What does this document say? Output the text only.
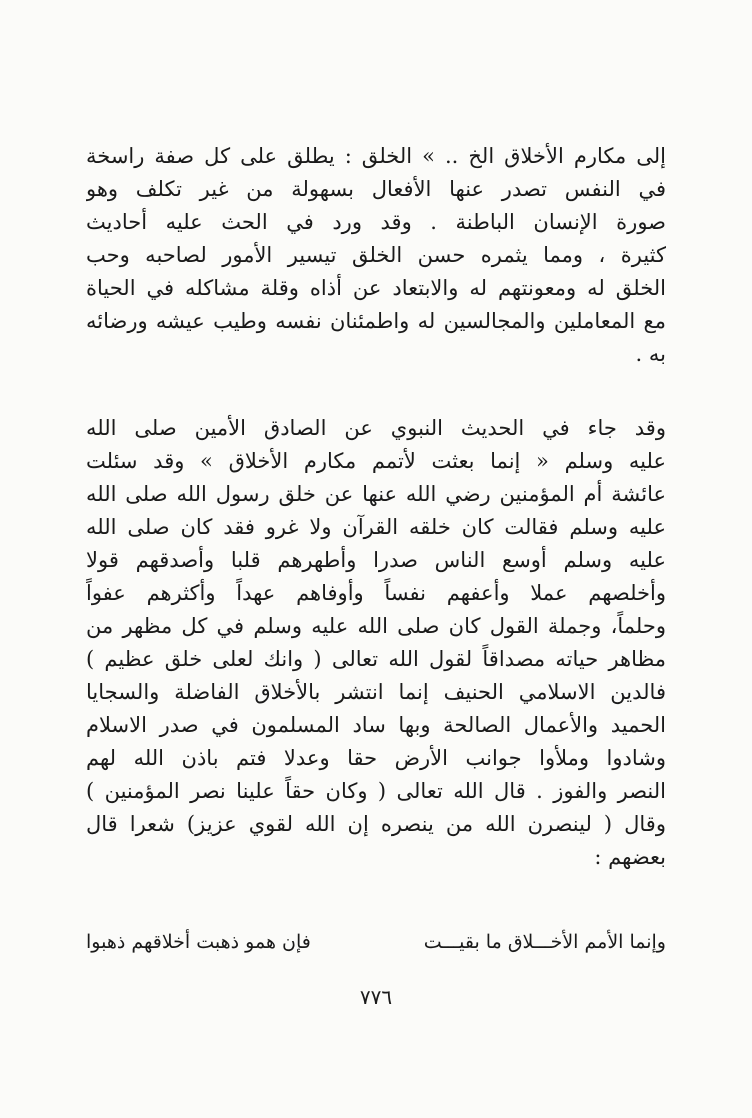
إلى مكارم الأخلاق الخ .. » الخلق : يطلق على كل صفة راسخة
في النفس تصدر عنها الأفعال بسهولة من غير تكلف وهو
صورة الإنسان الباطنة . وقد ورد في الحث عليه أحاديث
كثيرة ، ومما يثمره حسن الخلق تيسير الأمور لصاحبه وحب
الخلق له ومعونتهم له والابتعاد عن أذاه وقلة مشاكله في الحياة
مع المعاملين والمجالسين له واطمئنان نفسه وطيب عيشه ورضائه
به .
وقد جاء في الحديث النبوي عن الصادق الأمين صلى الله
عليه وسلم « إنما بعثت لأتمم مكارم الأخلاق » وقد سئلت
عائشة أم المؤمنين رضي الله عنها عن خلق رسول الله صلى الله
عليه وسلم فقالت كان خلقه القرآن ولا غرو فقد كان صلى الله
عليه وسلم أوسع الناس صدرا وأطهرهم قلبا وأصدقهم قولا
وأخلصهم عملا وأعفهم نفساً وأوفاهم عهداً وأكثرهم عفواً
وحلماً، وجملة القول كان صلى الله عليه وسلم في كل مظهر من
مظاهر حياته مصداقاً لقول الله تعالى ( وانك لعلى خلق عظيم )
فالدين الاسلامي الحنيف إنما انتشر بالأخلاق الفاضلة والسجايا
الحميد والأعمال الصالحة وبها ساد المسلمون في صدر الاسلام
وشادوا وملأوا جوانب الأرض حقا وعدلا فتم باذن الله لهم
النصر والفوز . قال الله تعالى ( وكان حقاً علينا نصر المؤمنين )
وقال ( لينصرن الله من ينصره إن الله لقوي عزيز) شعرا قال
بعضهم :
وإنما الأمم الأخـــلاق ما بقيـــت
فإن همو ذهبت أخلاقهم ذهبوا
٧٧٦
